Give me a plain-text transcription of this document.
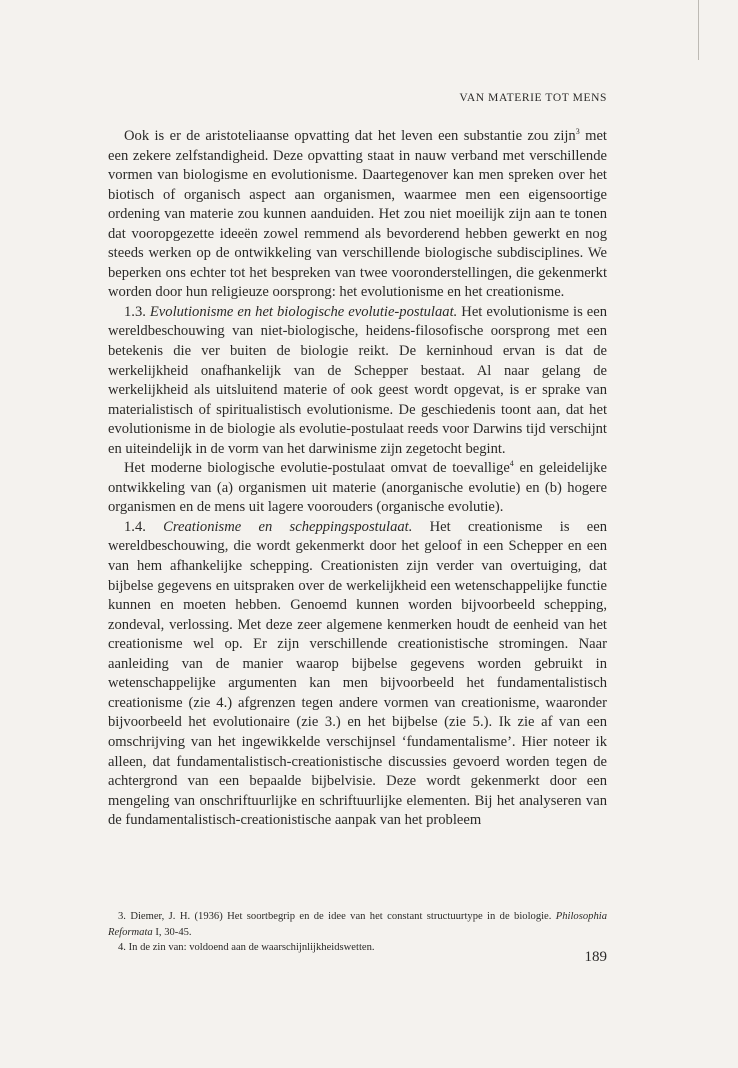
VAN MATERIE TOT MENS

Ook is er de aristoteliaanse opvatting dat het leven een substantie zou zijn$^3$ met een zekere zelfstandigheid. Deze opvatting staat in nauw verband met verschillende vormen van biologisme en evolutionisme. Daartegenover kan men spreken over het biotisch of organisch aspect aan organismen, waarmee men een eigensoortige ordening van materie zou kunnen aanduiden. Het zou niet moeilijk zijn aan te tonen dat vooropgezette ideeën zowel remmend als bevorderend hebben gewerkt en nog steeds werken op de ontwikkeling van verschillende biologische subdisciplines. We beperken ons echter tot het bespreken van twee vooronderstellingen, die gekenmerkt worden door hun religieuze oorsprong: het evolutionisme en het creationisme.

1.3. Evolutionisme en het biologische evolutie-postulaat. Het evolutionisme is een wereldbeschouwing van niet-biologische, heidens-filosofische oorsprong met een betekenis die ver buiten de biologie reikt. De kerninhoud ervan is dat de werkelijkheid onafhankelijk van de Schepper bestaat. Al naar gelang de werkelijkheid als uitsluitend materie of ook geest wordt opgevat, is er sprake van materialistisch of spiritualistisch evolutionisme. De geschiedenis toont aan, dat het evolutionisme in de biologie als evolutie-postulaat reeds voor Darwins tijd verschijnt en uiteindelijk in de vorm van het darwinisme zijn zegetocht begint.

Het moderne biologische evolutie-postulaat omvat de toevallige$^4$ en geleidelijke ontwikkeling van (a) organismen uit materie (anorganische evolutie) en (b) hogere organismen en de mens uit lagere voorouders (organische evolutie).

1.4. Creationisme en scheppingspostulaat. Het creationisme is een wereldbeschouwing, die wordt gekenmerkt door het geloof in een Schepper en een van hem afhankelijke schepping. Creationisten zijn verder van overtuiging, dat bijbelse gegevens en uitspraken over de werkelijkheid een wetenschappelijke functie kunnen en moeten hebben. Genoemd kunnen worden bijvoorbeeld schepping, zondeval, verlossing. Met deze zeer algemene kenmerken houdt de eenheid van het creationisme wel op. Er zijn verschillende creationistische stromingen. Naar aanleiding van de manier waarop bijbelse gegevens worden gebruikt in wetenschappelijke argumenten kan men bijvoorbeeld het fundamentalistisch creationisme (zie 4.) afgrenzen tegen andere vormen van creationisme, waaronder bijvoorbeeld het evolutionaire (zie 3.) en het bijbelse (zie 5.). Ik zie af van een omschrijving van het ingewikkelde verschijnsel ‘fundamentalisme’. Hier noteer ik alleen, dat fundamentalistisch-creationistische discussies gevoerd worden tegen de achtergrond van een bepaalde bijbelvisie. Deze wordt gekenmerkt door een mengeling van onschriftuurlijke en schriftuurlijke elementen. Bij het analyseren van de fundamentalistisch-creationistische aanpak van het probleem

3. Diemer, J. H. (1936) Het soortbegrip en de idee van het constant structuurtype in de biologie. Philosophia Reformata I, 30-45.

4. In de zin van: voldoend aan de waarschijnlijkheidswetten.

189
